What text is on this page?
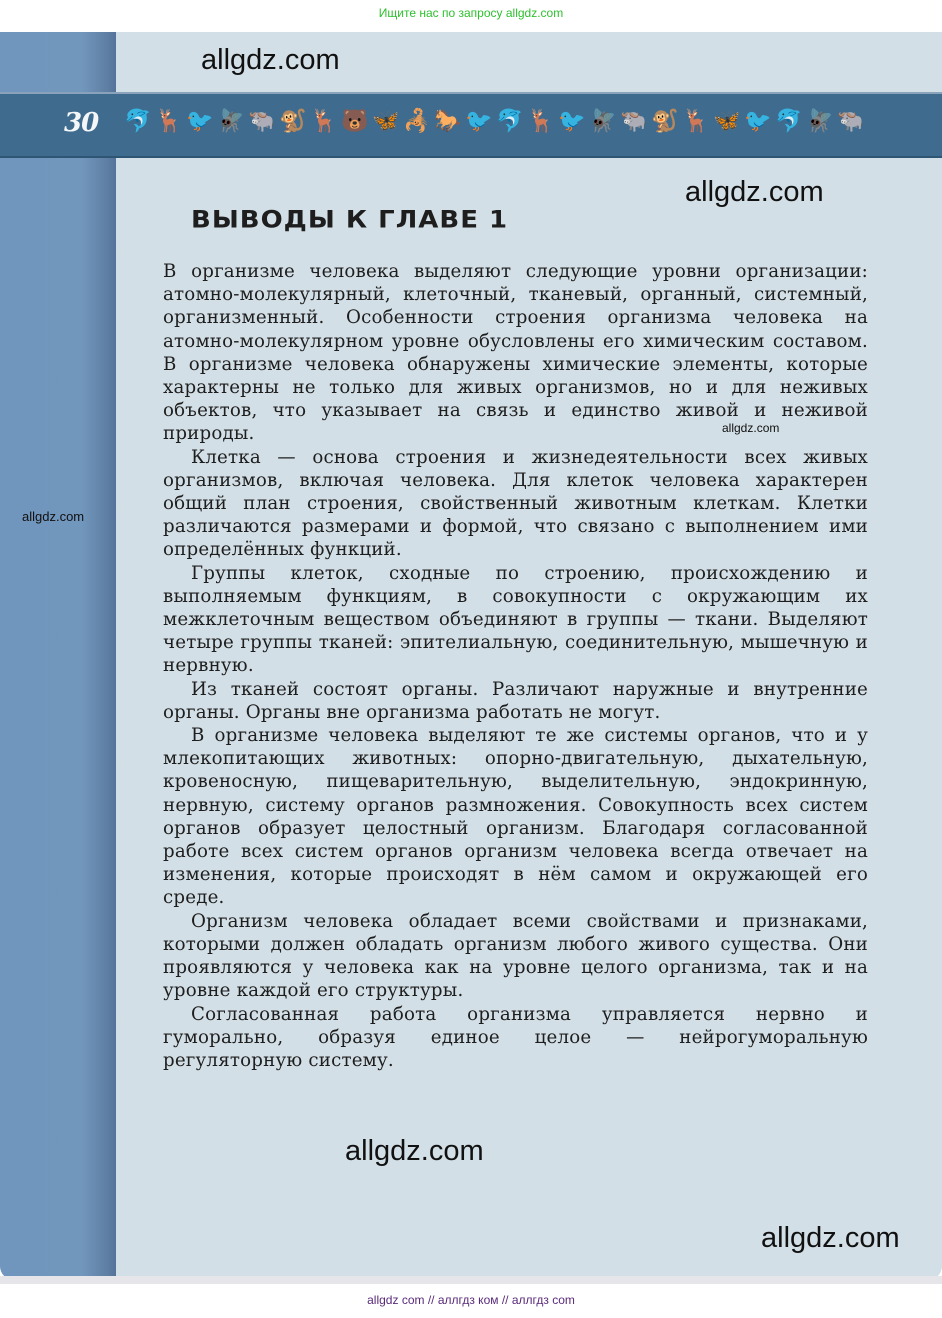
Ищите нас по запросу allgdz.com
allgdz.com
30 🐬 🦌 🐦 🪰 🐃 🐒 🦌 🐻 🦋 🦂 🐎 🐦 🐬 🦌 🐦 🪰 🐃 🐒 🦌 🦋 🐦 🐬 🪰 🐃
allgdz.com
allgdz.com
allgdz.com
allgdz.com
allgdz.com
ВЫВОДЫ К ГЛАВЕ 1

В организме человека выделяют следующие уровни организации: атомно-молекулярный, клеточный, тканевый, органный, системный, организменный. Особенности строения организма человека на атомно-молекулярном уровне обусловлены его химическим составом. В организме человека обнаружены химические элементы, которые характерны не только для живых организмов, но и для неживых объектов, что указывает на связь и единство живой и неживой природы.

Клетка — основа строения и жизнедеятельности всех живых организмов, включая человека. Для клеток человека характерен общий план строения, свойственный животным клеткам. Клетки различаются размерами и формой, что связано с выполнением ими определённых функций.

Группы клеток, сходные по строению, происхождению и выполняемым функциям, в совокупности с окружающим их межклеточным веществом объединяют в группы — ткани. Выделяют четыре группы тканей: эпителиальную, соединительную, мышечную и нервную.

Из тканей состоят органы. Различают наружные и внутренние органы. Органы вне организма работать не могут.

В организме человека выделяют те же системы органов, что и у млекопитающих животных: опорно-двигательную, дыхательную, кровеносную, пищеварительную, выделительную, эндокринную, нервную, систему органов размножения. Совокупность всех систем органов образует целостный организм. Благодаря согласованной работе всех систем органов организм человека всегда отвечает на изменения, которые происходят в нём самом и окружающей его среде.

Организм человека обладает всеми свойствами и признаками, которыми должен обладать организм любого живого существа. Они проявляются у человека как на уровне целого организма, так и на уровне каждой его структуры.

Согласованная работа организма управляется нервно и гуморально, образуя единое целое — нейрогуморальную регуляторную систему.

allgdz com // аллгдз ком // аллгдз com
